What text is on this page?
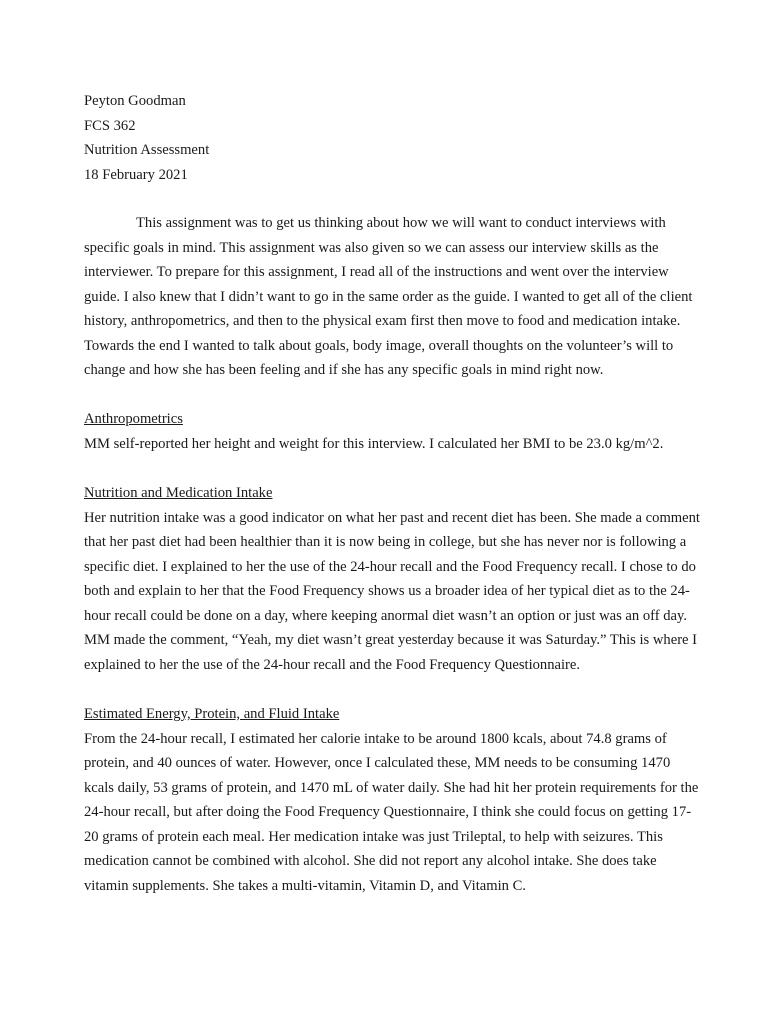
Peyton Goodman
FCS 362
Nutrition Assessment
18 February 2021
This assignment was to get us thinking about how we will want to conduct interviews with
specific goals in mind. This assignment was also given so we can assess our interview skills as the
interviewer. To prepare for this assignment, I read all of the instructions and went over the interview
guide. I also knew that I didn’t want to go in the same order as the guide. I wanted to get all of the client
history, anthropometrics, and then to the physical exam first then move to food and medication intake.
Towards the end I wanted to talk about goals, body image, overall thoughts on the volunteer’s will to
change and how she has been feeling and if she has any specific goals in mind right now.
Anthropometrics
MM self-reported her height and weight for this interview. I calculated her BMI to be 23.0 kg/m^2.
Nutrition and Medication Intake
Her nutrition intake was a good indicator on what her past and recent diet has been. She made a comment
that her past diet had been healthier than it is now being in college, but she has never nor is following a
specific diet. I explained to her the use of the 24-hour recall and the Food Frequency recall. I chose to do
both and explain to her that the Food Frequency shows us a broader idea of her typical diet as to the 24-
hour recall could be done on a day, where keeping anormal diet wasn’t an option or just was an off day.
MM made the comment, “Yeah, my diet wasn’t great yesterday because it was Saturday.” This is where I
explained to her the use of the 24-hour recall and the Food Frequency Questionnaire.
Estimated Energy, Protein, and Fluid Intake
From the 24-hour recall, I estimated her calorie intake to be around 1800 kcals, about 74.8 grams of
protein, and 40 ounces of water. However, once I calculated these, MM needs to be consuming 1470
kcals daily, 53 grams of protein, and 1470 mL of water daily. She had hit her protein requirements for the
24-hour recall, but after doing the Food Frequency Questionnaire, I think she could focus on getting 17-
20 grams of protein each meal. Her medication intake was just Trileptal, to help with seizures. This
medication cannot be combined with alcohol. She did not report any alcohol intake. She does take
vitamin supplements. She takes a multi-vitamin, Vitamin D, and Vitamin C.
